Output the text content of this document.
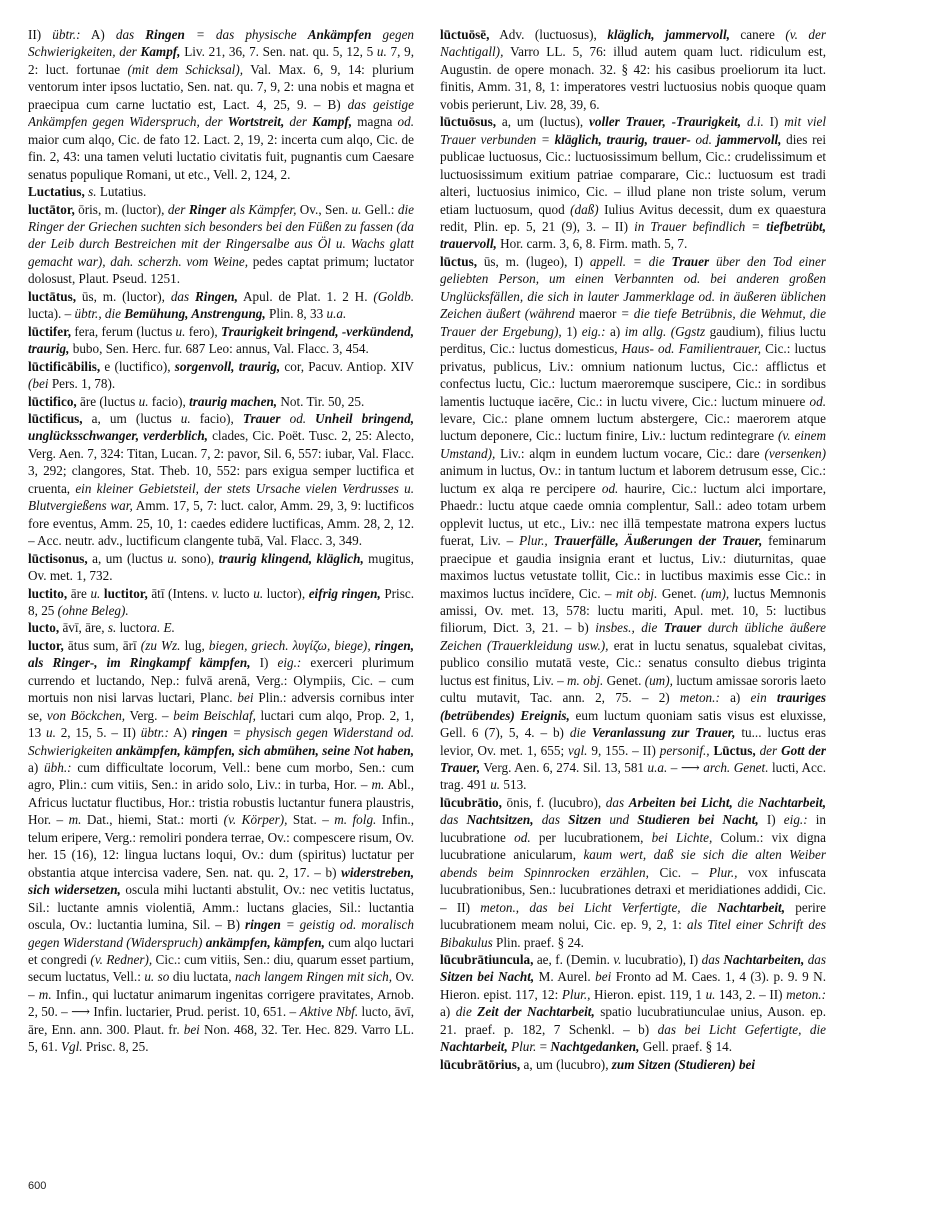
II) übtr.: A) das Ringen = das physische Ankämpfen gegen Schwierigkeiten, der Kampf, Liv. 21, 36, 7. Sen. nat. qu. 5, 12, 5 u. 7, 9, 2: luct. fortunae (mit dem Schicksal), Val. Max. 6, 9, 14: plurium ventorum inter ipsos luctatio, Sen. nat. qu. 7, 9, 2: una nobis et magna et praecipua cum carne luctatio est, Lact. 4, 25, 9. – B) das geistige Ankämpfen gegen Widerspruch, der Wortstreit, der Kampf, magna od. maior cum alqo, Cic. de fato 12. Lact. 2, 19, 2: incerta cum alqo, Cic. de fin. 2, 43: una tamen veluti luctatio civitatis fuit, pugnantis cum Caesare senatus populique Romani, ut etc., Vell. 2, 124, 2.

Luctatius, s. Lutatius.

luctātor, ōris, m. (luctor), der Ringer als Kämpfer, Ov., Sen. u. Gell.: die Ringer der Griechen suchten sich besonders bei den Füßen zu fassen (da der Leib durch Bestreichen mit der Ringersalbe aus Öl u. Wachs glatt gemacht war), dah. scherzh. vom Weine, pedes captat primum; luctator dolosust, Plaut. Pseud. 1251.

luctātus, ūs, m. (luctor), das Ringen, Apul. de Plat. 1. 2 H. (Goldb. lucta). – übtr., die Bemühung, Anstrengung, Plin. 8, 33 u.a.

lūctifer, fera, ferum (luctus u. fero), Traurigkeit bringend, -verkündend, traurig, bubo, Sen. Herc. fur. 687 Leo: annus, Val. Flacc. 3, 454.

lūctificābilis, e (luctifico), sorgenvoll, traurig, cor, Pacuv. Antiop. XIV (bei Pers. 1, 78).

lūctifico, āre (luctus u. facio), traurig machen, Not. Tir. 50, 25.

lūctificus, a, um (luctus u. facio), Trauer od. Unheil bringend, unglücksschwanger, verderblich, clades, Cic. Poët. Tusc. 2, 25: Alecto, Verg. Aen. 7, 324: Titan, Lucan. 7, 2: pavor, Sil. 6, 557: iubar, Val. Flacc. 3, 292; clangores, Stat. Theb. 10, 552: pars exigua semper luctifica et cruenta, ein kleiner Gebietsteil, der stets Ursache vielen Verdrusses u. Blutvergießens war, Amm. 17, 5, 7: luct. calor, Amm. 29, 3, 9: luctificos fore eventus, Amm. 25, 10, 1: caedes edidere luctificas, Amm. 28, 2, 12. – Acc. neutr. adv., luctificum clangente tubā, Val. Flacc. 3, 349.

lūctisonus, a, um (luctus u. sono), traurig klingend, kläglich, mugitus, Ov. met. 1, 732.

luctito, āre u. luctitor, ātī (Intens. v. lucto u. luctor), eifrig ringen, Prisc. 8, 25 (ohne Beleg).

lucto, āvī, āre, s. luctora. E.

luctor, ātus sum, ārī (zu Wz. lug, biegen, griech. λυγίζω, biege), ringen, als Ringer-, im Ringkampf kämpfen, I) eig.: exerceri plurimum currendo et luctando, Nep.: fulvā arenā, Verg.: Olympiis, Cic. – cum mortuis non nisi larvas luctari, Planc. bei Plin.: adversis cornibus inter se, von Böckchen, Verg. – beim Beischlaf, luctari cum alqo, Prop. 2, 1, 13 u. 2, 15, 5. – II) übtr.: A) ringen = physisch gegen Widerstand od. Schwierigkeiten ankämpfen, kämpfen, sich abmühen, seine Not haben, a) übh.: cum difficultate locorum, Vell.: bene cum morbo, Sen.: cum agro, Plin.: cum vitiis, Sen.: in arido solo, Liv.: in turba, Hor. – m. Abl., Africus luctatur fluctibus, Hor.: tristia robustis luctantur funera plaustris, Hor. – m. Dat., hiemi, Stat.: morti (v. Körper), Stat. – m. folg. Infin., telum eripere, Verg.: remoliri pondera terrae, Ov.: compescere risum, Ov. her. 15 (16), 12: lingua luctans loqui, Ov.: dum (spiritus) luctatur per obstantia atque intercisa vadere, Sen. nat. qu. 2, 17. – b) widerstreben, sich widersetzen, oscula mihi luctanti abstulit, Ov.: nec vetitis luctatus, Sil.: luctante amnis violentiā, Amm.: luctans glacies, Sil.: luctantia oscula, Ov.: luctantia lumina, Sil. – B) ringen = geistig od. moralisch gegen Widerstand (Widerspruch) ankämpfen, kämpfen, cum alqo luctari et congredi (v. Redner), Cic.: cum vitiis, Sen.: diu, quarum esset partium, secum luctatus, Vell.: u. so diu luctata, nach langem Ringen mit sich, Ov. – m. Infin., qui luctatur animarum ingenitas corrigere pravitates, Arnob. 2, 50. – ⟶ Infin. luctarier, Prud. perist. 10, 651. – Aktive Nbf. lucto, āvī, āre, Enn. ann. 300. Plaut. fr. bei Non. 468, 32. Ter. Hec. 829. Varro LL. 5, 61. Vgl. Prisc. 8, 25.

lūctuōsē, Adv. (luctuosus), kläglich, jammervoll, canere (v. der Nachtigall), Varro LL. 5, 76: illud autem quam luct. ridiculum est, Augustin. de opere monach. 32. § 42: his casibus proeliorum ita luct. finitis, Amm. 31, 8, 1: imperatores vestri luctuosius nobis quoque quam vobis perierunt, Liv. 28, 39, 6.

lūctuōsus, a, um (luctus), voller Trauer, -Traurigkeit, d.i. I) mit viel Trauer verbunden = kläglich, traurig, trauer- od. jammervoll, dies rei publicae luctuosus, Cic.: luctuosissimum bellum, Cic.: crudelissimum et luctuosissimum exitium patriae comparare, Cic.: luctuosum est tradi alteri, luctuosius inimico, Cic. – illud plane non triste solum, verum etiam luctuosum, quod (daß) Iulius Avitus decessit, dum ex quaestura redit, Plin. ep. 5, 21 (9), 3. – II) in Trauer befindlich = tiefbetrübt, trauervoll, Hor. carm. 3, 6, 8. Firm. math. 5, 7.

lūctus, ūs, m. (lugeo), I) appell. = die Trauer über den Tod einer geliebten Person, um einen Verbannten od. bei anderen großen Unglücksfällen, die sich in lauter Jammerklage od. in äußeren üblichen Zeichen äußert (während maeror = die tiefe Betrübnis, die Wehmut, die Trauer der Ergebung), 1) eig.: a) im allg. (Ggstz gaudium), filius luctu perditus, Cic.: luctus domesticus, Haus- od. Familientrauer, Cic.: luctus privatus, publicus, Liv.: omnium nationum luctus, Cic.: afflictus et confectus luctu, Cic.: luctum maeroremque suscipere, Cic.: in sordibus lamentis luctuque iacēre, Cic.: in luctu vivere, Cic.: luctum minuere od. levare, Cic.: plane omnem luctum abstergere, Cic.: maerorem atque luctum deponere, Cic.: luctum finire, Liv.: luctum redintegrare (v. einem Umstand), Liv.: alqm in eundem luctum vocare, Cic.: dare (versenken) animum in luctus, Ov.: in tantum luctum et laborem detrusum esse, Cic.: luctum ex alqa re percipere od. haurire, Cic.: luctum alci importare, Phaedr.: luctu atque caede omnia complentur, Sall.: adeo totam urbem opplevit luctus, ut etc., Liv.: nec illā tempestate matrona expers luctus fuerat, Liv. – Plur., Trauerfälle, Äußerungen der Trauer, feminarum praecipue et gaudia insignia erant et luctus, Liv.: diuturnitas, quae maximos luctus vetustate tollit, Cic.: in luctibus maximis esse Cic.: in maximos luctus incīdere, Cic. – mit obj. Genet. (um), luctus Memnonis amissi, Ov. met. 13, 578: luctu mariti, Apul. met. 10, 5: luctibus filiorum, Dict. 3, 21. – b) insbes., die Trauer durch übliche äußere Zeichen (Trauerkleidung usw.), erat in luctu senatus, squalebat civitas, publico consilio mutatā veste, Cic.: senatus consulto diebus triginta luctus est finitus, Liv. – m. obj. Genet. (um), luctum amissae sororis laeto cultu mutavit, Tac. ann. 2, 75. – 2) meton.: a) ein trauriges (betrübendes) Ereignis, eum luctum quoniam satis visus est eluxisse, Gell. 6 (7), 5, 4. – b) die Veranlassung zur Trauer, tu... luctus eras levior, Ov. met. 1, 655; vgl. 9, 155. – II) personif., Lūctus, der Gott der Trauer, Verg. Aen. 6, 274. Sil. 13, 581 u.a. – ⟶ arch. Genet. lucti, Acc. trag. 491 u. 513.

lūcubrātio, ōnis, f. (lucubro), das Arbeiten bei Licht, die Nachtarbeit, das Nachtsitzen, das Sitzen und Studieren bei Nacht, I) eig.: in lucubratione od. per lucubrationem, bei Lichte, Colum.: vix digna lucubratione anicularum, kaum wert, daß sie sich die alten Weiber abends beim Spinnrocken erzählen, Cic. – Plur., vox infuscata lucubrationibus, Sen.: lucubrationes detraxi et meridiationes addidi, Cic. – II) meton., das bei Licht Verfertigte, die Nachtarbeit, perire lucubrationem meam nolui, Cic. ep. 9, 2, 1: als Titel einer Schrift des Bibakulus Plin. praef. § 24.

lūcubrātiuncula, ae, f. (Demin. v. lucubratio), I) das Nachtarbeiten, das Sitzen bei Nacht, M. Aurel. bei Fronto ad M. Caes. 1, 4 (3). p. 9. 9 N. Hieron. epist. 117, 12: Plur., Hieron. epist. 119, 1 u. 143, 2. – II) meton.: a) die Zeit der Nachtarbeit, spatio lucubratiunculae unius, Auson. ep. 21. praef. p. 182, 7 Schenkl. – b) das bei Licht Gefertigte, die Nachtarbeit, Plur. = Nachtgedanken, Gell. praef. § 14.

lūcubrātōrius, a, um (lucubro), zum Sitzen (Studieren) bei

600
